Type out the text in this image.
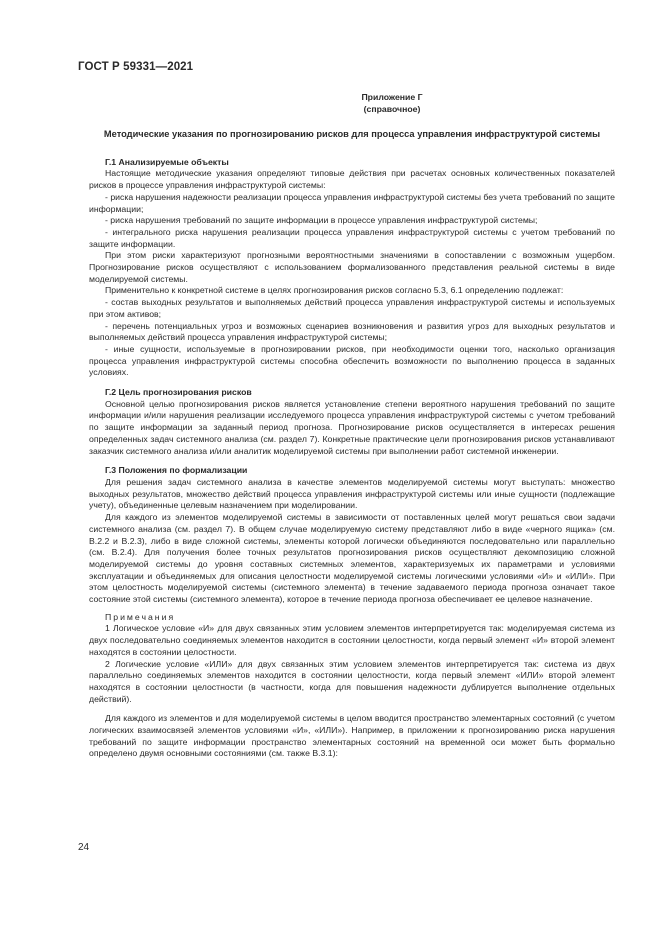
ГОСТ Р 59331—2021
Приложение Г
(справочное)
Методические указания по прогнозированию рисков для процесса управления инфраструктурой системы
Г.1 Анализируемые объекты

Настоящие методические указания определяют типовые действия при расчетах основных количественных показателей рисков в процессе управления инфраструктурой системы:

- риска нарушения надежности реализации процесса управления инфраструктурой системы без учета требований по защите информации;

- риска нарушения требований по защите информации в процессе управления инфраструктурой системы;

- интегрального риска нарушения реализации процесса управления инфраструктурой системы с учетом требований по защите информации.

При этом риски характеризуют прогнозными вероятностными значениями в сопоставлении с возможным ущербом. Прогнозирование рисков осуществляют с использованием формализованного представления реальной системы в виде моделируемой системы.

Применительно к конкретной системе в целях прогнозирования рисков согласно 5.3, 6.1 определению подлежат:

- состав выходных результатов и выполняемых действий процесса управления инфраструктурой системы и используемых при этом активов;

- перечень потенциальных угроз и возможных сценариев возникновения и развития угроз для выходных результатов и выполняемых действий процесса управления инфраструктурой системы;

- иные сущности, используемые в прогнозировании рисков, при необходимости оценки того, насколько организация процесса управления инфраструктурой системы способна обеспечить возможности по выполнению процесса в заданных условиях.

Г.2 Цель прогнозирования рисков

Основной целью прогнозирования рисков является установление степени вероятного нарушения требований по защите информации и/или нарушения реализации исследуемого процесса управления инфраструктурой системы с учетом требований по защите информации за заданный период прогноза. Прогнозирование рисков осуществляется в интересах решения определенных задач системного анализа (см. раздел 7). Конкретные практические цели прогнозирования рисков устанавливают заказчик системного анализа и/или аналитик моделируемой системы при выполнении работ системной инженерии.

Г.3 Положения по формализации

Для решения задач системного анализа в качестве элементов моделируемой системы могут выступать: множество выходных результатов, множество действий процесса управления инфраструктурой системы или иные сущности (подлежащие учету), объединенные целевым назначением при моделировании.

Для каждого из элементов моделируемой системы в зависимости от поставленных целей могут решаться свои задачи системного анализа (см. раздел 7). В общем случае моделируемую систему представляют либо в виде «черного ящика» (см. В.2.2 и В.2.3), либо в виде сложной системы, элементы которой логически объединяются последовательно или параллельно (см. В.2.4). Для получения более точных результатов прогнозирования рисков осуществляют декомпозицию сложной моделируемой системы до уровня составных системных элементов, характеризуемых их параметрами и условиями эксплуатации и объединяемых для описания целостности моделируемой системы логическими условиями «И» и «ИЛИ». При этом целостность моделируемой системы (системного элемента) в течение задаваемого периода прогноза означает такое состояние этой системы (системного элемента), которое в течение периода прогноза обеспечивает ее целевое назначение.

Примечания

1 Логическое условие «И» для двух связанных этим условием элементов интерпретируется так: моделируемая система из двух последовательно соединяемых элементов находится в состоянии целостности, когда первый элемент «И» второй элемент находятся в состоянии целостности.

2 Логические условие «ИЛИ» для двух связанных этим условием элементов интерпретируется так: система из двух параллельно соединяемых элементов находится в состоянии целостности, когда первый элемент «ИЛИ» второй элемент находятся в состоянии целостности (в частности, когда для повышения надежности дублируется выполнение отдельных действий).

Для каждого из элементов и для моделируемой системы в целом вводится пространство элементарных состояний (с учетом логических взаимосвязей элементов условиями «И», «ИЛИ»). Например, в приложении к прогнозированию риска нарушения требований по защите информации пространство элементарных состояний на временной оси может быть формально определено двумя основными состояниями (см. также В.3.1):

24
